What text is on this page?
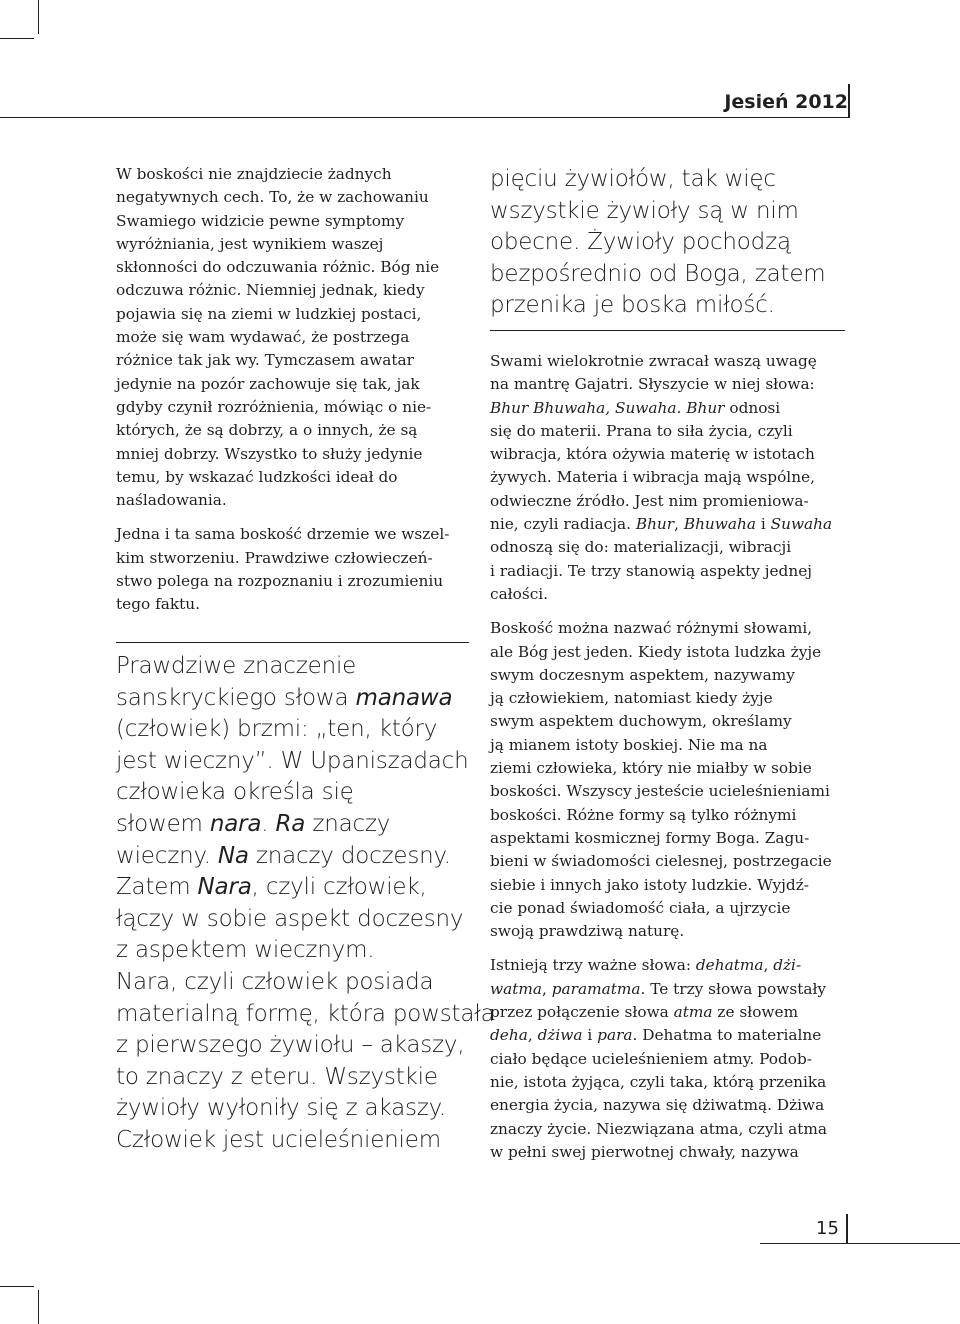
Jesień 2012

W boskości nie znajdziecie żadnych
negatywnych cech. To, że w zachowaniu
Swamiego widzicie pewne symptomy
wyróżniania, jest wynikiem waszej
skłonności do odczuwania różnic. Bóg nie
odczuwa różnic. Niemniej jednak, kiedy
pojawia się na ziemi w ludzkiej postaci,
może się wam wydawać, że postrzega
różnice tak jak wy. Tymczasem awatar
jedynie na pozór zachowuje się tak, jak
gdyby czynił rozróżnienia, mówiąc o nie-
których, że są dobrzy, a o innych, że są
mniej dobrzy. Wszystko to służy jedynie
temu, by wskazać ludzkości ideał do
naśladowania.

Jedna i ta sama boskość drzemie we wszel-
kim stworzeniu. Prawdziwe człowieczeń-
stwo polega na rozpoznaniu i zrozumieniu
tego faktu.

Prawdziwe znaczenie
sanskryckiego słowa manawa
(człowiek) brzmi: „ten, który
jest wieczny”. W Upaniszadach
człowieka określa się
słowem nara. Ra znaczy
wieczny. Na znaczy doczesny.
Zatem Nara, czyli człowiek,
łączy w sobie aspekt doczesny
z aspektem wiecznym.
Nara, czyli człowiek posiada
materialną formę, która powstała
z pierwszego żywiołu – akaszy,
to znaczy z eteru. Wszystkie
żywioły wyłoniły się z akaszy.
Człowiek jest ucieleśnieniem

pięciu żywiołów, tak więc
wszystkie żywioły są w nim
obecne. Żywioły pochodzą
bezpośrednio od Boga, zatem
przenika je boska miłość.

Swami wielokrotnie zwracał waszą uwagę
na mantrę Gajatri. Słyszycie w niej słowa:
Bhur Bhuwaha, Suwaha. Bhur odnosi
się do materii. Prana to siła życia, czyli
wibracja, która ożywia materię w istotach
żywych. Materia i wibracja mają wspólne,
odwieczne źródło. Jest nim promieniowa-
nie, czyli radiacja. Bhur, Bhuwaha i Suwaha
odnoszą się do: materializacji, wibracji
i radiacji. Te trzy stanowią aspekty jednej
całości.

Boskość można nazwać różnymi słowami,
ale Bóg jest jeden. Kiedy istota ludzka żyje
swym doczesnym aspektem, nazywamy
ją człowiekiem, natomiast kiedy żyje
swym aspektem duchowym, określamy
ją mianem istoty boskiej. Nie ma na
ziemi człowieka, który nie miałby w sobie
boskości. Wszyscy jesteście ucieleśnieniami
boskości. Różne formy są tylko różnymi
aspektami kosmicznej formy Boga. Zagu-
bieni w świadomości cielesnej, postrzegacie
siebie i innych jako istoty ludzkie. Wyjdź-
cie ponad świadomość ciała, a ujrzycie
swoją prawdziwą naturę.

Istnieją trzy ważne słowa: dehatma, dżi-
watma, paramatma. Te trzy słowa powstały
przez połączenie słowa atma ze słowem
deha, dżiwa i para. Dehatma to materialne
ciało będące ucieleśnieniem atmy. Podob-
nie, istota żyjąca, czyli taka, którą przenika
energia życia, nazywa się dżiwatmą. Dżiwa
znaczy życie. Niezwiązana atma, czyli atma
w pełni swej pierwotnej chwały, nazywa

15
